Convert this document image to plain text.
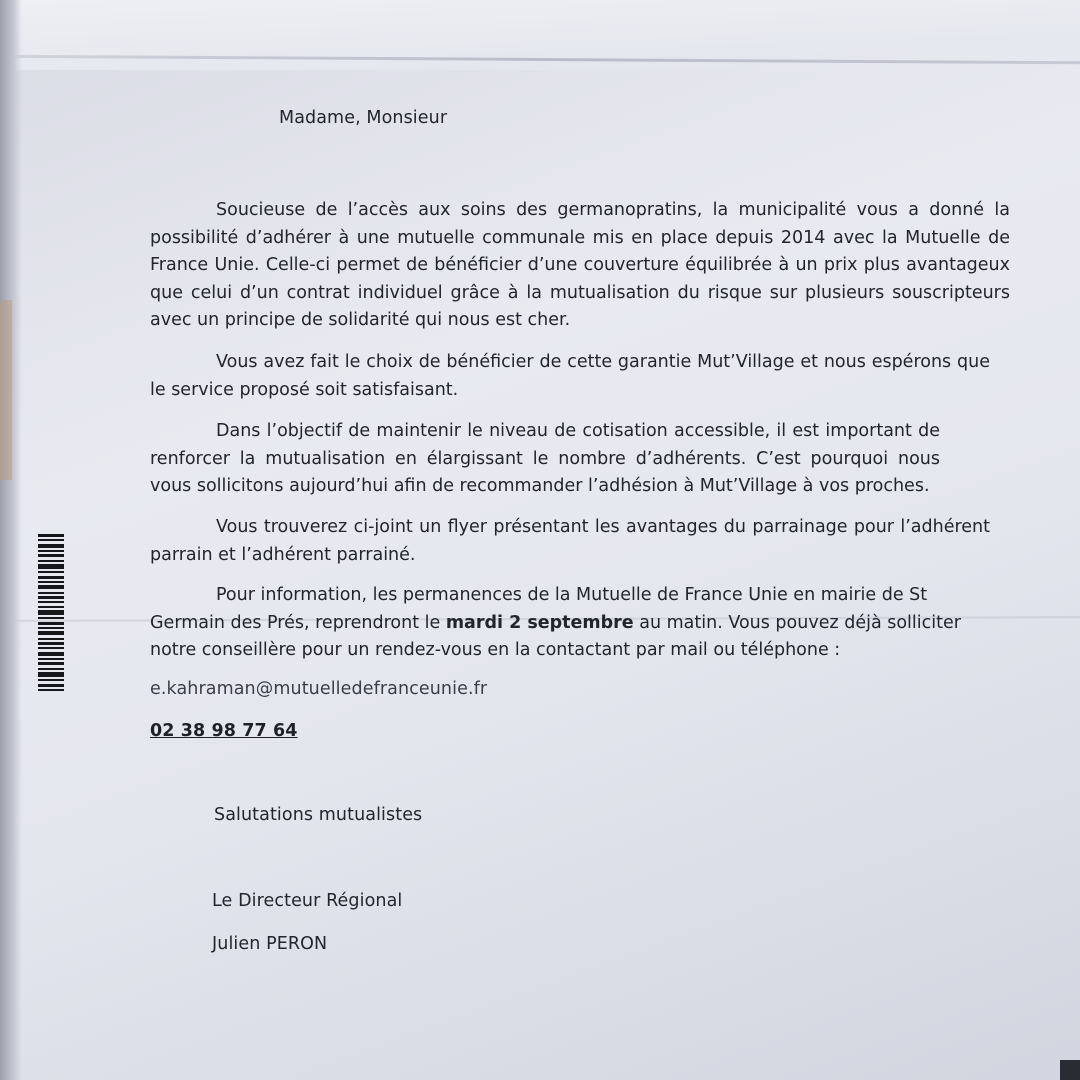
Madame, Monsieur

Soucieuse de l’accès aux soins des germanopratins, la municipalité vous a donné la possibilité d’adhérer à une mutuelle communale mis en place depuis 2014 avec la Mutuelle de France Unie. Celle-ci permet de bénéficier d’une couverture équilibrée à un prix plus avantageux que celui d’un contrat individuel grâce à la mutualisation du risque sur plusieurs souscripteurs avec un principe de solidarité qui nous est cher.

Vous avez fait le choix de bénéficier de cette garantie Mut’Village et nous espérons que le service proposé soit satisfaisant.

Dans l’objectif de maintenir le niveau de cotisation accessible, il est important de renforcer la mutualisation en élargissant le nombre d’adhérents. C’est pourquoi nous vous sollicitons aujourd’hui afin de recommander l’adhésion à Mut’Village à vos proches.

Vous trouverez ci-joint un flyer présentant les avantages du parrainage pour l’adhérent parrain et l’adhérent parrainé.

Pour information, les permanences de la Mutuelle de France Unie en mairie de St Germain des Prés, reprendront le mardi 2 septembre au matin. Vous pouvez déjà solliciter notre conseillère pour un rendez-vous en la contactant par mail ou téléphone :

e.kahraman@mutuelledefranceunie.fr
02 38 98 77 64
Salutations mutualistes
Le Directeur Régional
Julien PERON
